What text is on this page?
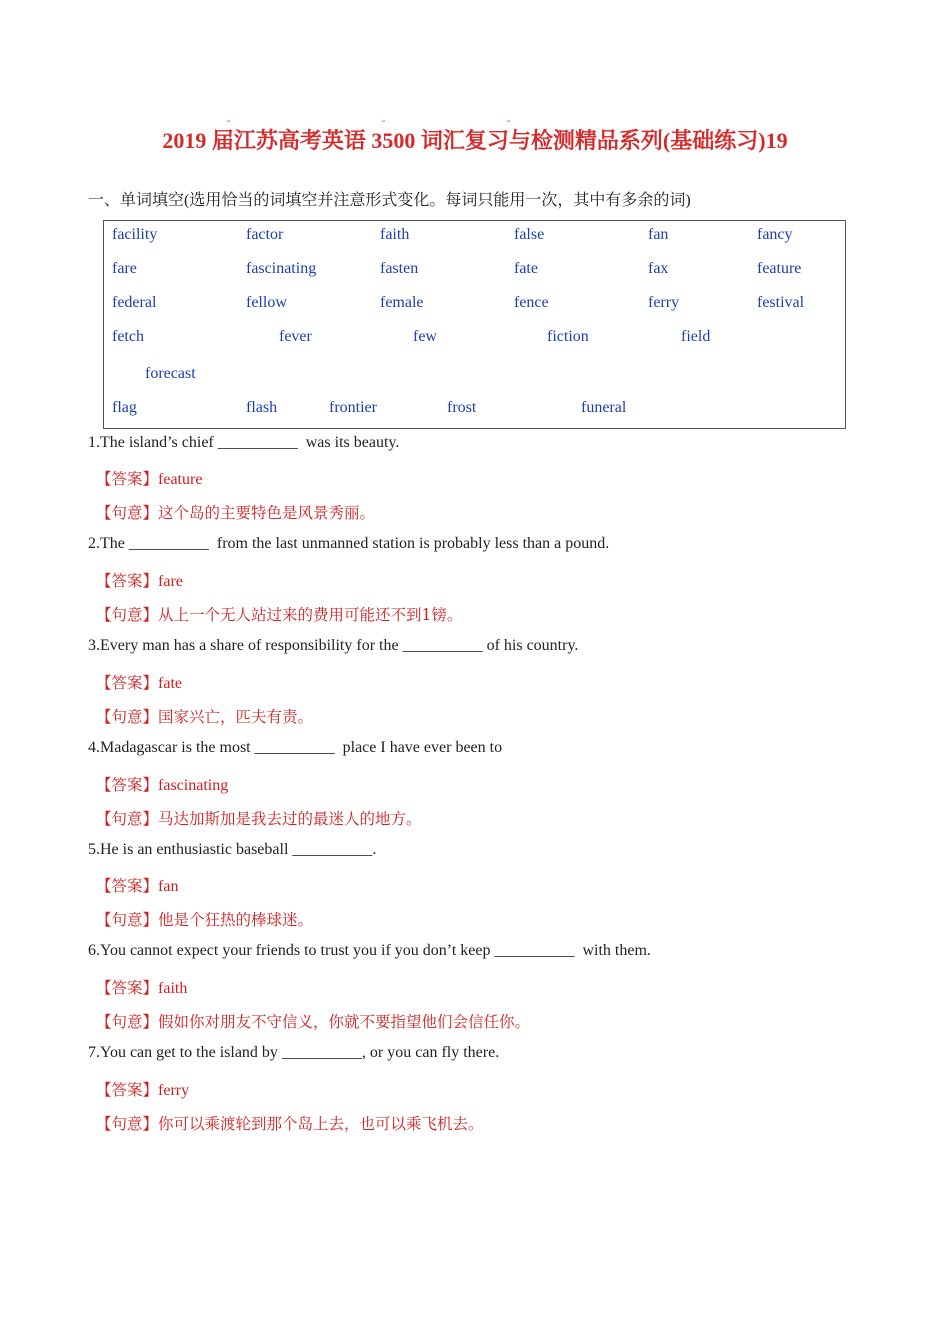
2019 届江苏高考英语 3500 词汇复习与检测精品系列(基础练习)19
ˇ	ˇ	ˇ
一、单词填空(选用恰当的词填空并注意形式变化。每词只能用一次，其中有多余的词)
facility	factor	faith	false	fan	fancy
fare	fascinating	fasten	fate	fax	feature
federal	fellow	female	fence	ferry	festival
fetch	fever	few	fiction	field
forecast
flag	flash	frontier	frost	funeral
1.The island’s chief __________  was its beauty.
【答案】feature
【句意】这个岛的主要特色是风景秀丽。
2.The __________  from the last unmanned station is probably less than a pound.
【答案】fare
【句意】从上一个无人站过来的费用可能还不到1镑。
3.Every man has a share of responsibility for the __________ of his country.
【答案】fate
【句意】国家兴亡，匹夫有责。
4.Madagascar is the most __________  place I have ever been to
【答案】fascinating
【句意】马达加斯加是我去过的最迷人的地方。
5.He is an enthusiastic baseball __________.
【答案】fan
【句意】他是个狂热的棒球迷。
6.You cannot expect your friends to trust you if you don’t keep __________  with them.
【答案】faith
【句意】假如你对朋友不守信义，你就不要指望他们会信任你。
7.You can get to the island by __________, or you can fly there.
【答案】ferry
【句意】你可以乘渡轮到那个岛上去，也可以乘飞机去。
